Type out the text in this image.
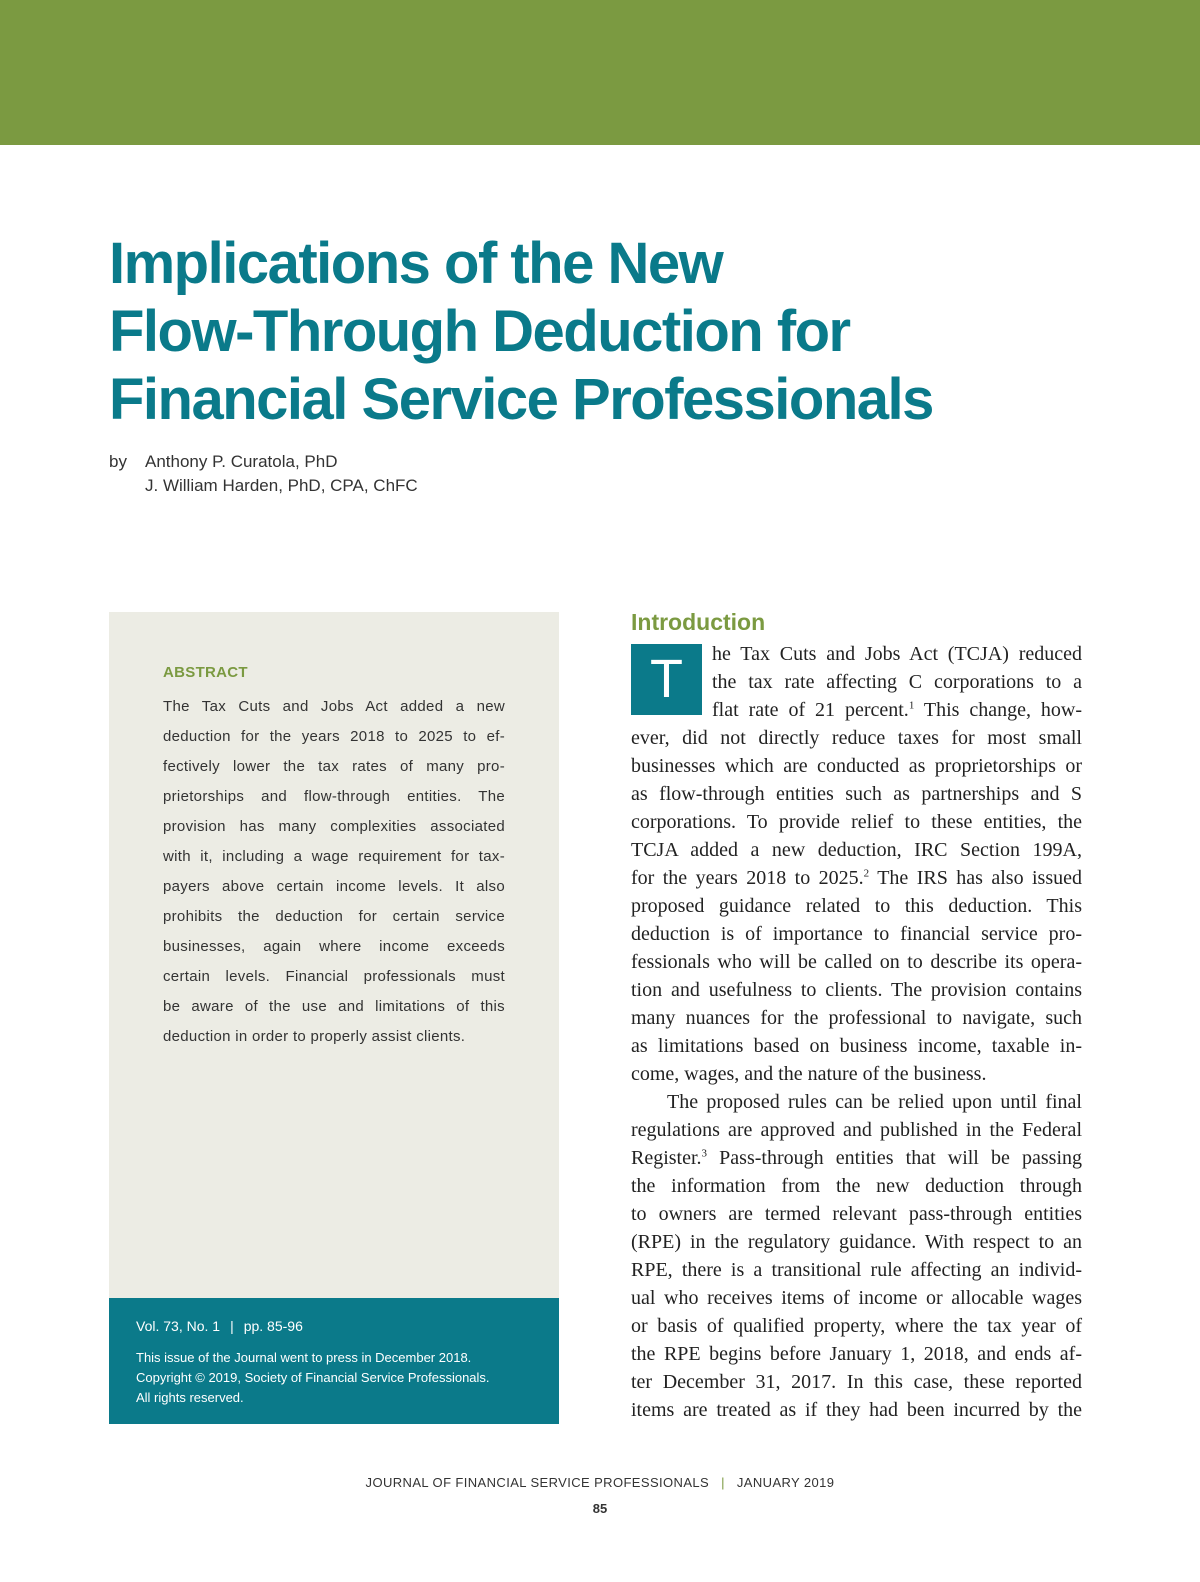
Implications of the New
Flow-Through Deduction for
Financial Service Professionals
by Anthony P. Curatola, PhD
J. William Harden, PhD, CPA, ChFC
ABSTRACT
The Tax Cuts and Jobs Act added a new
deduction for the years 2018 to 2025 to ef-
fectively lower the tax rates of many pro-
prietorships and flow-through entities. The
provision has many complexities associated
with it, including a wage requirement for tax-
payers above certain income levels. It also
prohibits the deduction for certain service
businesses, again where income exceeds
certain levels. Financial professionals must
be aware of the use and limitations of this
deduction in order to properly assist clients.
Vol. 73, No. 1 | pp. 85-96
This issue of the Journal went to press in December 2018.
Copyright © 2019, Society of Financial Service Professionals.
All rights reserved.
Introduction
T	he Tax Cuts and Jobs Act (TCJA) reduced
the tax rate affecting C corporations to a
flat rate of 21 percent.$^1$ This change, how-
ever, did not directly reduce taxes for most small
businesses which are conducted as proprietorships or
as flow-through entities such as partnerships and S
corporations. To provide relief to these entities, the
TCJA added a new deduction, IRC Section 199A,
for the years 2018 to 2025.$^2$ The IRS has also issued
proposed guidance related to this deduction. This
deduction is of importance to financial service pro-
fessionals who will be called on to describe its opera-
tion and usefulness to clients. The provision contains
many nuances for the professional to navigate, such
as limitations based on business income, taxable in-
come, wages, and the nature of the business.
The proposed rules can be relied upon until final
regulations are approved and published in the Federal
Register.$^3$ Pass-through entities that will be passing
the information from the new deduction through
to owners are termed relevant pass-through entities
(RPE) in the regulatory guidance. With respect to an
RPE, there is a transitional rule affecting an individ-
ual who receives items of income or allocable wages
or basis of qualified property, where the tax year of
the RPE begins before January 1, 2018, and ends af-
ter December 31, 2017. In this case, these reported
items are treated as if they had been incurred by the
JOURNAL OF FINANCIAL SERVICE PROFESSIONALS | JANUARY 2019
85
